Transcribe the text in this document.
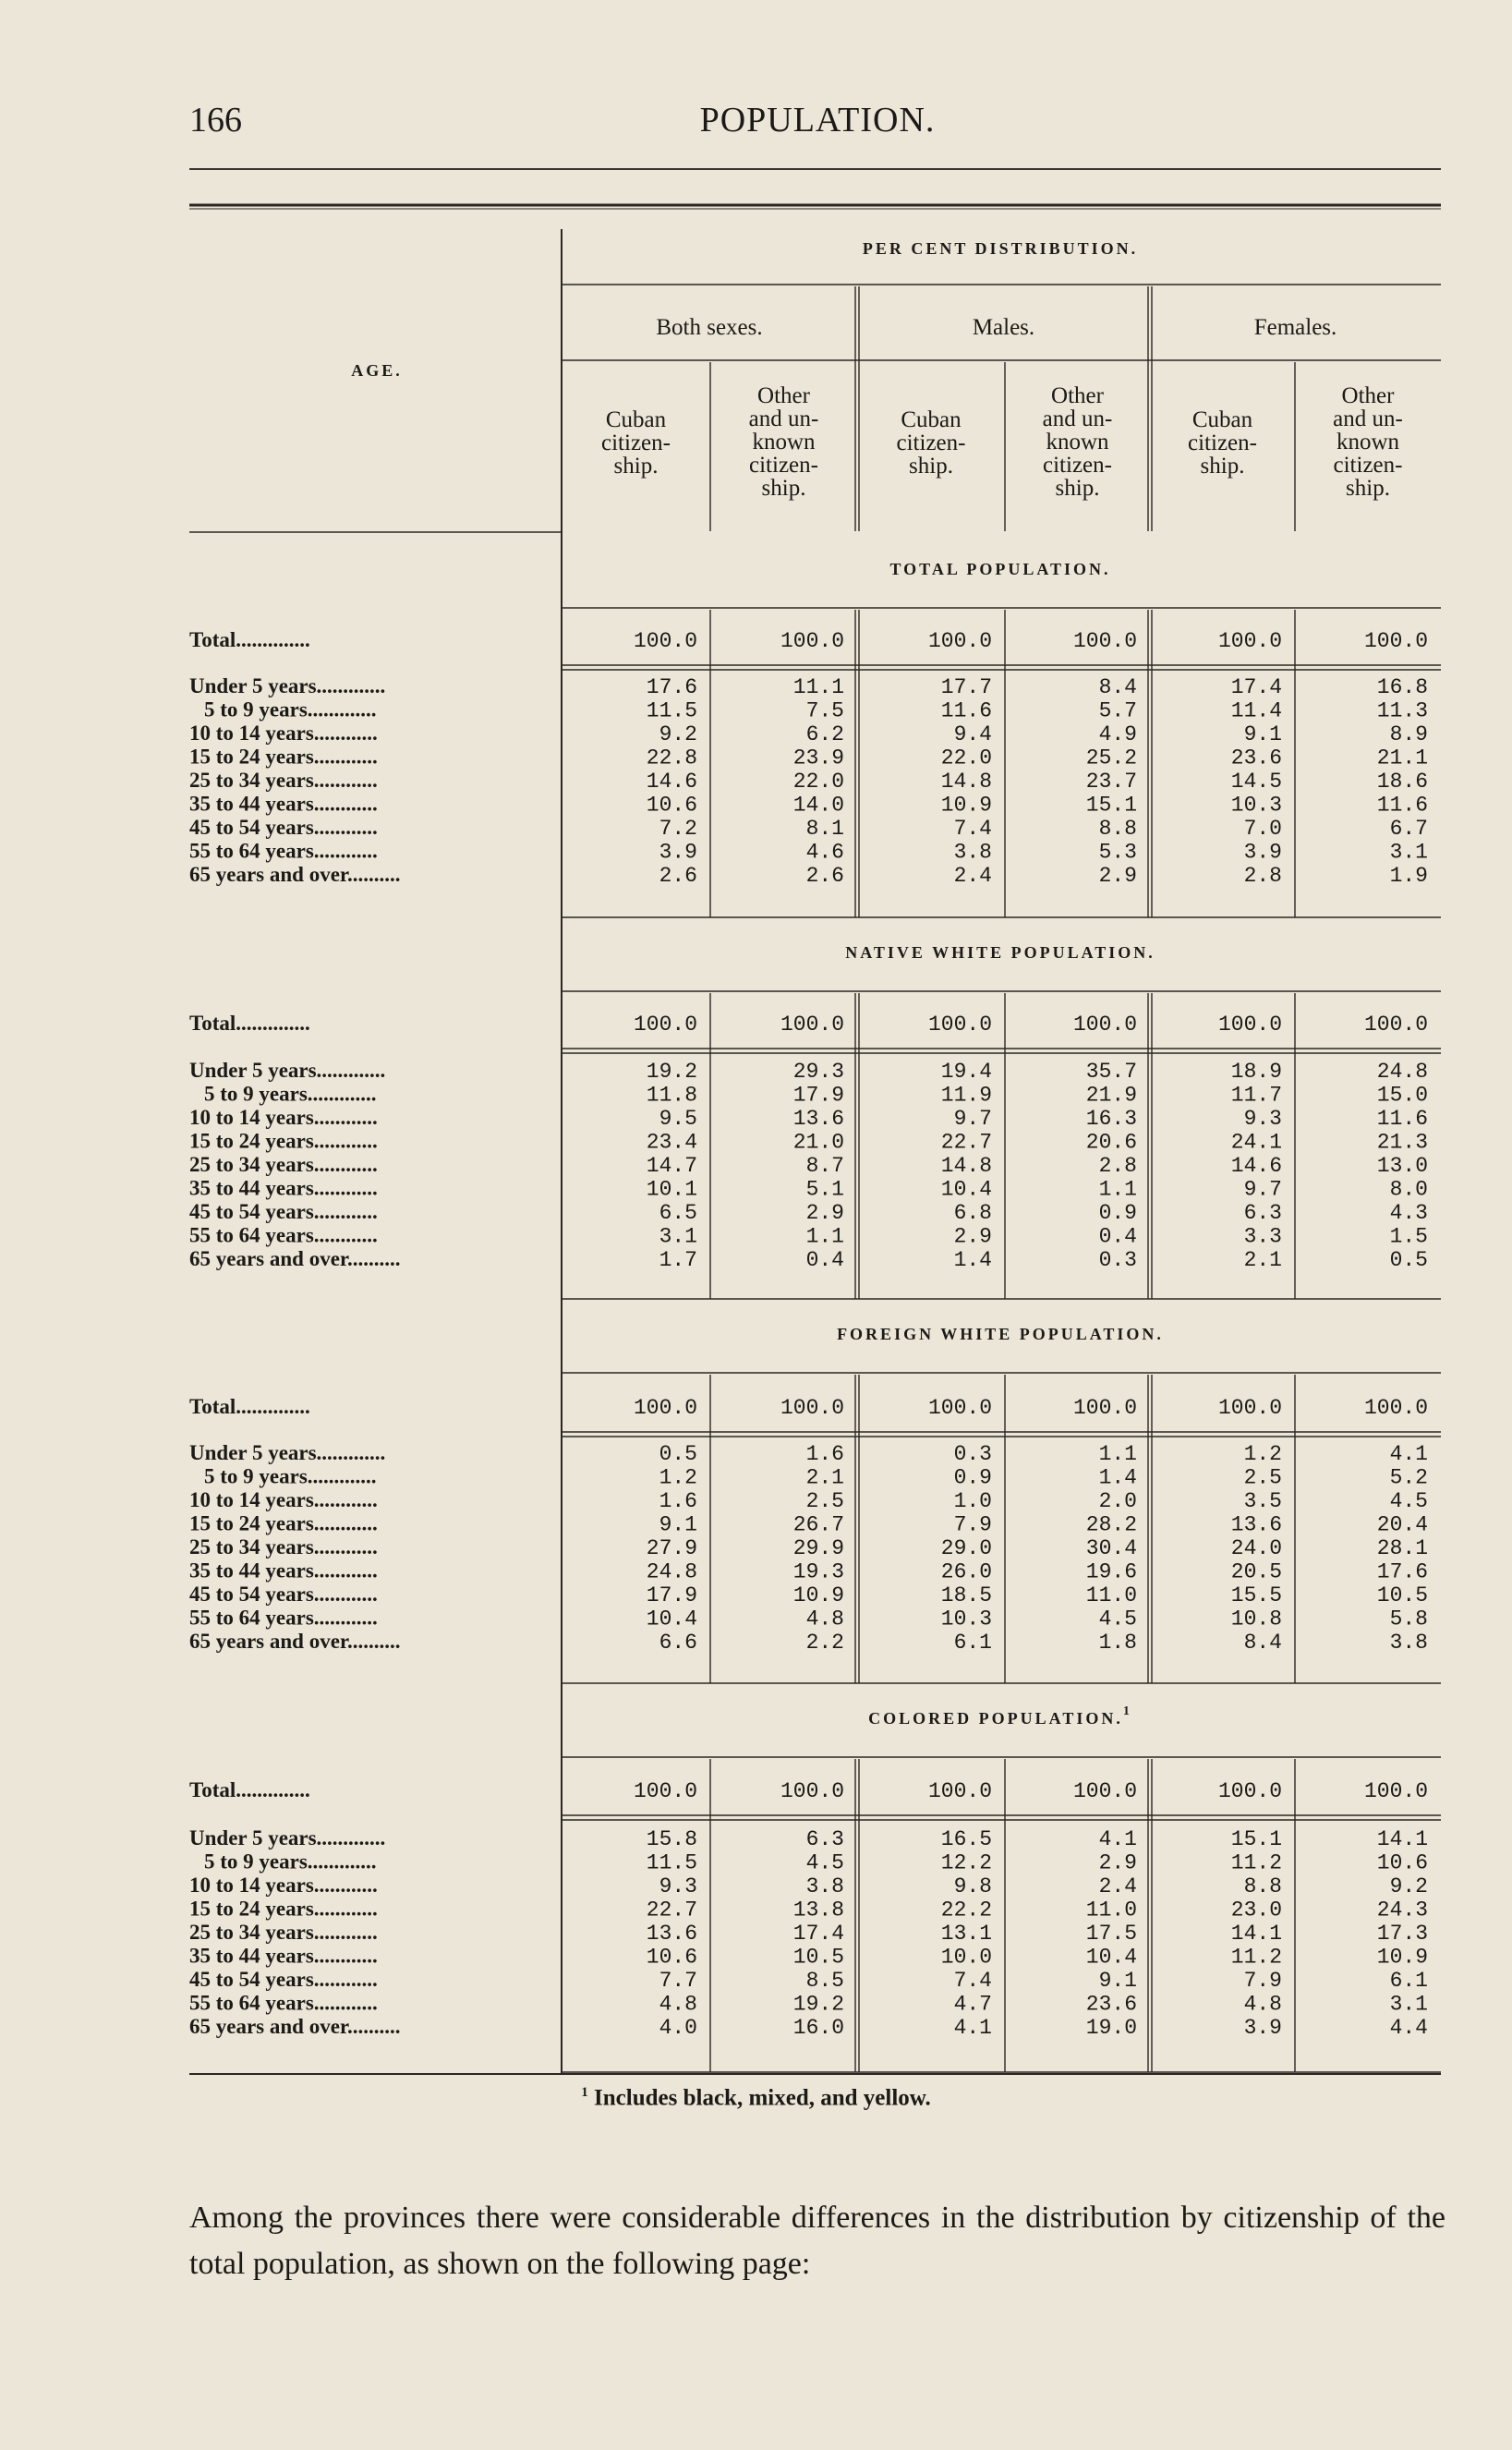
166	POPULATION.
PER CENT DISTRIBUTION.
Both sexes.	Males.	Females.
AGE.
Cuban
citizen-
ship.
Other
and un-
known
citizen-
ship.
Cuban
citizen-
ship.
Other
and un-
known
citizen-
ship.
Cuban
citizen-
ship.
Other
and un-
known
citizen-
ship.
TOTAL POPULATION.
Total..............	100.0	100.0	100.0	100.0	100.0	100.0
Under 5 years.............	17.6	11.1	17.7	8.4	17.4	16.8
5 to 9 years.............	11.5	7.5	11.6	5.7	11.4	11.3
10 to 14 years............	9.2	6.2	9.4	4.9	9.1	8.9
15 to 24 years............	22.8	23.9	22.0	25.2	23.6	21.1
25 to 34 years............	14.6	22.0	14.8	23.7	14.5	18.6
35 to 44 years............	10.6	14.0	10.9	15.1	10.3	11.6
45 to 54 years............	7.2	8.1	7.4	8.8	7.0	6.7
55 to 64 years............	3.9	4.6	3.8	5.3	3.9	3.1
65 years and over..........	2.6	2.6	2.4	2.9	2.8	1.9
NATIVE WHITE POPULATION.
Total..............	100.0	100.0	100.0	100.0	100.0	100.0
Under 5 years.............	19.2	29.3	19.4	35.7	18.9	24.8
5 to 9 years.............	11.8	17.9	11.9	21.9	11.7	15.0
10 to 14 years............	9.5	13.6	9.7	16.3	9.3	11.6
15 to 24 years............	23.4	21.0	22.7	20.6	24.1	21.3
25 to 34 years............	14.7	8.7	14.8	2.8	14.6	13.0
35 to 44 years............	10.1	5.1	10.4	1.1	9.7	8.0
45 to 54 years............	6.5	2.9	6.8	0.9	6.3	4.3
55 to 64 years............	3.1	1.1	2.9	0.4	3.3	1.5
65 years and over..........	1.7	0.4	1.4	0.3	2.1	0.5
FOREIGN WHITE POPULATION.
Total..............	100.0	100.0	100.0	100.0	100.0	100.0
Under 5 years.............	0.5	1.6	0.3	1.1	1.2	4.1
5 to 9 years.............	1.2	2.1	0.9	1.4	2.5	5.2
10 to 14 years............	1.6	2.5	1.0	2.0	3.5	4.5
15 to 24 years............	9.1	26.7	7.9	28.2	13.6	20.4
25 to 34 years............	27.9	29.9	29.0	30.4	24.0	28.1
35 to 44 years............	24.8	19.3	26.0	19.6	20.5	17.6
45 to 54 years............	17.9	10.9	18.5	11.0	15.5	10.5
55 to 64 years............	10.4	4.8	10.3	4.5	10.8	5.8
65 years and over..........	6.6	2.2	6.1	1.8	8.4	3.8
COLORED POPULATION.$^1$
Total..............	100.0	100.0	100.0	100.0	100.0	100.0
Under 5 years.............	15.8	6.3	16.5	4.1	15.1	14.1
5 to 9 years.............	11.5	4.5	12.2	2.9	11.2	10.6
10 to 14 years............	9.3	3.8	9.8	2.4	8.8	9.2
15 to 24 years............	22.7	13.8	22.2	11.0	23.0	24.3
25 to 34 years............	13.6	17.4	13.1	17.5	14.1	17.3
35 to 44 years............	10.6	10.5	10.0	10.4	11.2	10.9
45 to 54 years............	7.7	8.5	7.4	9.1	7.9	6.1
55 to 64 years............	4.8	19.2	4.7	23.6	4.8	3.1
65 years and over..........	4.0	16.0	4.1	19.0	3.9	4.4
$^1$ Includes black, mixed, and yellow.

Among the provinces there were considerable differences in the distribution by citizenship of the total population, as shown on the following page:
